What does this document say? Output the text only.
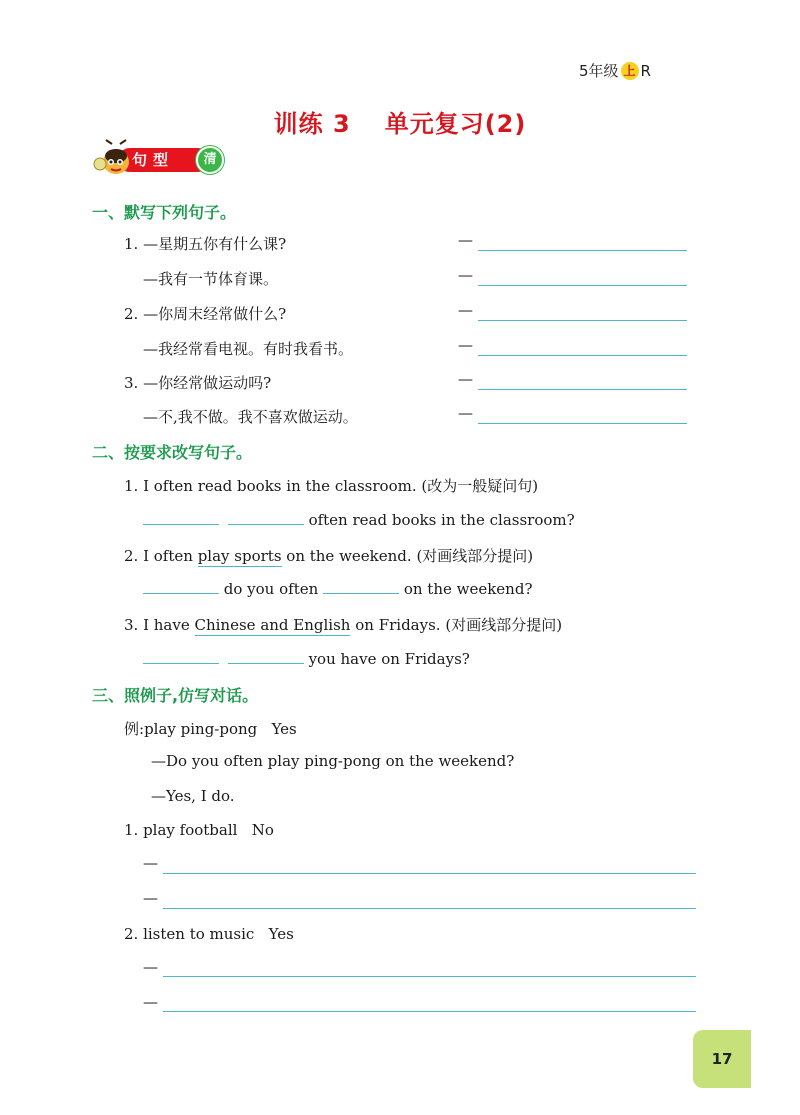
5年级 上 R
训练 3 单元复习(2)
句型	清
一、默写下列句子。
1. —星期五你有什么课?
—我有一节体育课。
2. —你周末经常做什么?
—我经常看电视。有时我看书。
3. —你经常做运动吗?
—不,我不做。我不喜欢做运动。
—
—
—
—
—
—
二、按要求改写句子。
1. I often read books in the classroom. (改为一般疑问句)
often read books in the classroom?
2. I often play sports on the weekend. (对画线部分提问)
do you often	on the weekend?
3. I have Chinese and English on Fridays. (对画线部分提问)
you have on Fridays?
三、照例子,仿写对话。
例:play ping-pong   Yes
—Do you often play ping-pong on the weekend?
—Yes, I do.
1. play football   No
—
—
2. listen to music   Yes
—
—
17
